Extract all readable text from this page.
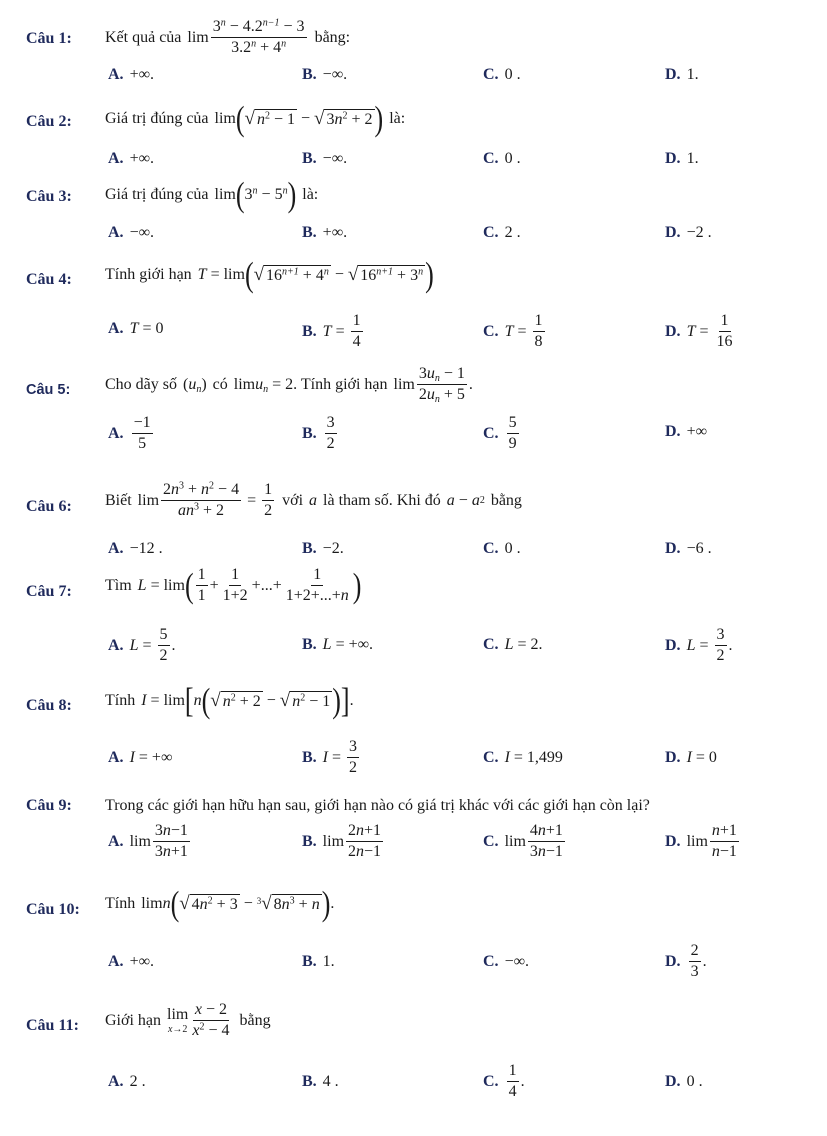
Câu 1: Kết quả của $\lim \frac{3^n - 4.2^{n-1} - 3}{3.2^n + 4^n}$ bằng:
A. +∞.	B. −∞.	C. 0 .	D. 1.
Câu 2: Giá trị đúng của lim ( √ $n^2 - 1$ − √ $3n^2 + 2$ ) là:
A. +∞.	B. −∞.	C. 0 .	D. 1.
Câu 3: Giá trị đúng của lim ( $3^n - 5^n$ ) là:
A. −∞.	B. +∞.	C. 2 .	D. −2 .
Câu 4: Tính giới hạn T = lim ( √ $16^{n+1} + 4^n$ − √ $16^{n+1} + 3^n$ )
A. T = 0	B. $T = \frac{1}{4}$	C. $T = \frac{1}{8}$	D. $T = \frac{1}{16}$
Câu 5: Cho dãy số $(u_n)$ có limu$_n$ = 2 . Tính giới hạn $\lim \frac{3u_n - 1}{2u_n + 5}$ .
A. $\frac{-1}{5}$	B. $\frac{3}{2}$	C. $\frac{5}{9}$	D. +∞
Câu 6: Biết $\lim \frac{2n^3 + n^2 - 4}{an^3 + 2} = \frac{1}{2}$ với a là tham số. Khi đó a − a 2 bằng
A. −12 .	B. −2.	C. 0 .	D. −6 .
Câu 7: Tìm L = lim ( $\frac{1}{1} + \frac{1}{1+2}$ +...+ $\frac{1}{1+2+...+n}$ )
A. $L = \frac{5}{2}$ .	B. L = +∞.	C. L = 2.	D. $L = \frac{3}{2}$ .
Câu 8: Tính I = lim [ n ( √ $n^2 + 2$ − √ $n^2 - 1$ ) ] .
A. I = +∞	B. $I = \frac{3}{2}$	C. I = 1,499	D. I = 0
Câu 9: Trong các giới hạn hữu hạn sau, giới hạn nào có giá trị khác với các giới hạn còn lại?
A. $\lim \frac{3n-1}{3n+1}$	B. $\lim \frac{2n+1}{2n-1}$	C. $\lim \frac{4n+1}{3n-1}$	D. $\lim \frac{n+1}{n-1}$
Câu 10: Tính limn ( √ $4n^2 + 3 - ^3√$ $8n^3 + n$ ) .
A. +∞.	B. 1.	C. −∞.	D. $\frac{2}{3}$ .
Câu 11: Giới hạn lim
$x\to 2 \frac{x - 2}{x^2 - 4}$ bằng
A. 2 .	B. 4 .	C. $\frac{1}{4}$ .	D. 0 .
